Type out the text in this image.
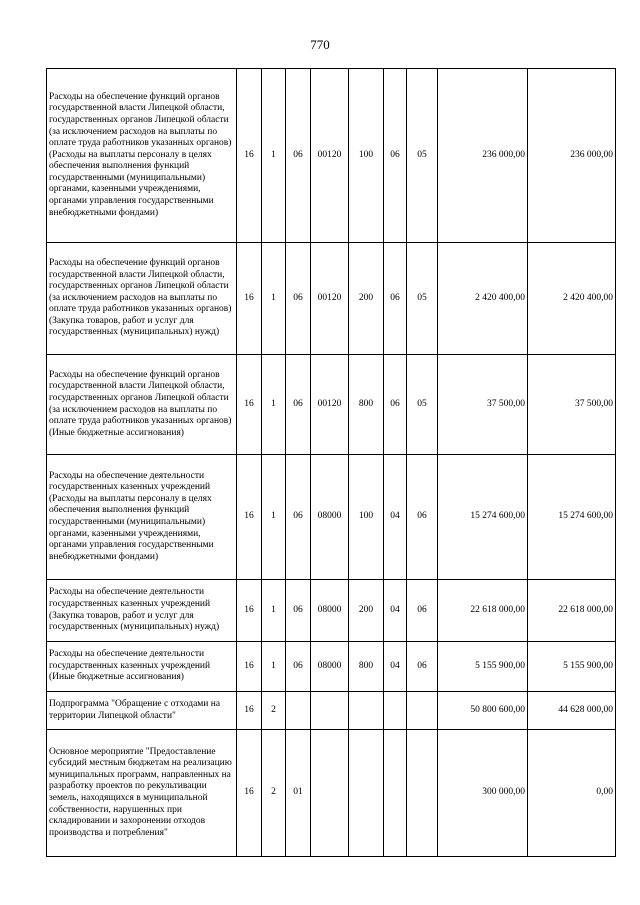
770
Расходы на обеспечение функций органов государственной власти Липецкой области, государственных органов Липецкой области (за исключением расходов на выплаты по оплате труда работников указанных органов) (Расходы на выплаты персоналу в целях обеспечения выполнения функций государственными (муниципальными) органами, казенными учреждениями, органами управления государственными внебюджетными фондами)	16	1	06	00120	100	06	05	236 000,00	236 000,00
Расходы на обеспечение функций органов государственной власти Липецкой области, государственных органов Липецкой области (за исключением расходов на выплаты по оплате труда работников указанных органов) (Закупка товаров, работ и услуг для государственных (муниципальных) нужд)	16	1	06	00120	200	06	05	2 420 400,00	2 420 400,00
Расходы на обеспечение функций органов государственной власти Липецкой области, государственных органов Липецкой области (за исключением расходов на выплаты по оплате труда работников указанных органов) (Иные бюджетные ассигнования)	16	1	06	00120	800	06	05	37 500,00	37 500,00
Расходы на обеспечение деятельности государственных казенных учреждений (Расходы на выплаты персоналу в целях обеспечения выполнения функций государственными (муниципальными) органами, казенными учреждениями, органами управления государственными внебюджетными фондами)	16	1	06	08000	100	04	06	15 274 600,00	15 274 600,00
Расходы на обеспечение деятельности государственных казенных учреждений (Закупка товаров, работ и услуг для государственных (муниципальных) нужд)	16	1	06	08000	200	04	06	22 618 000,00	22 618 000,00
Расходы на обеспечение деятельности государственных казенных учреждений (Иные бюджетные ассигнования)	16	1	06	08000	800	04	06	5 155 900,00	5 155 900,00
Подпрограмма "Обращение с отходами на территории Липецкой области"	16	2						50 800 600,00	44 628 000,00
Основное мероприятие "Предоставление субсидий местным бюджетам на реализацию муниципальных программ, направленных на разработку проектов по рекультивации земель, находящихся в муниципальной собственности, нарушенных при складировании и захоронении отходов производства и потребления"	16	2	01					300 000,00	0,00
